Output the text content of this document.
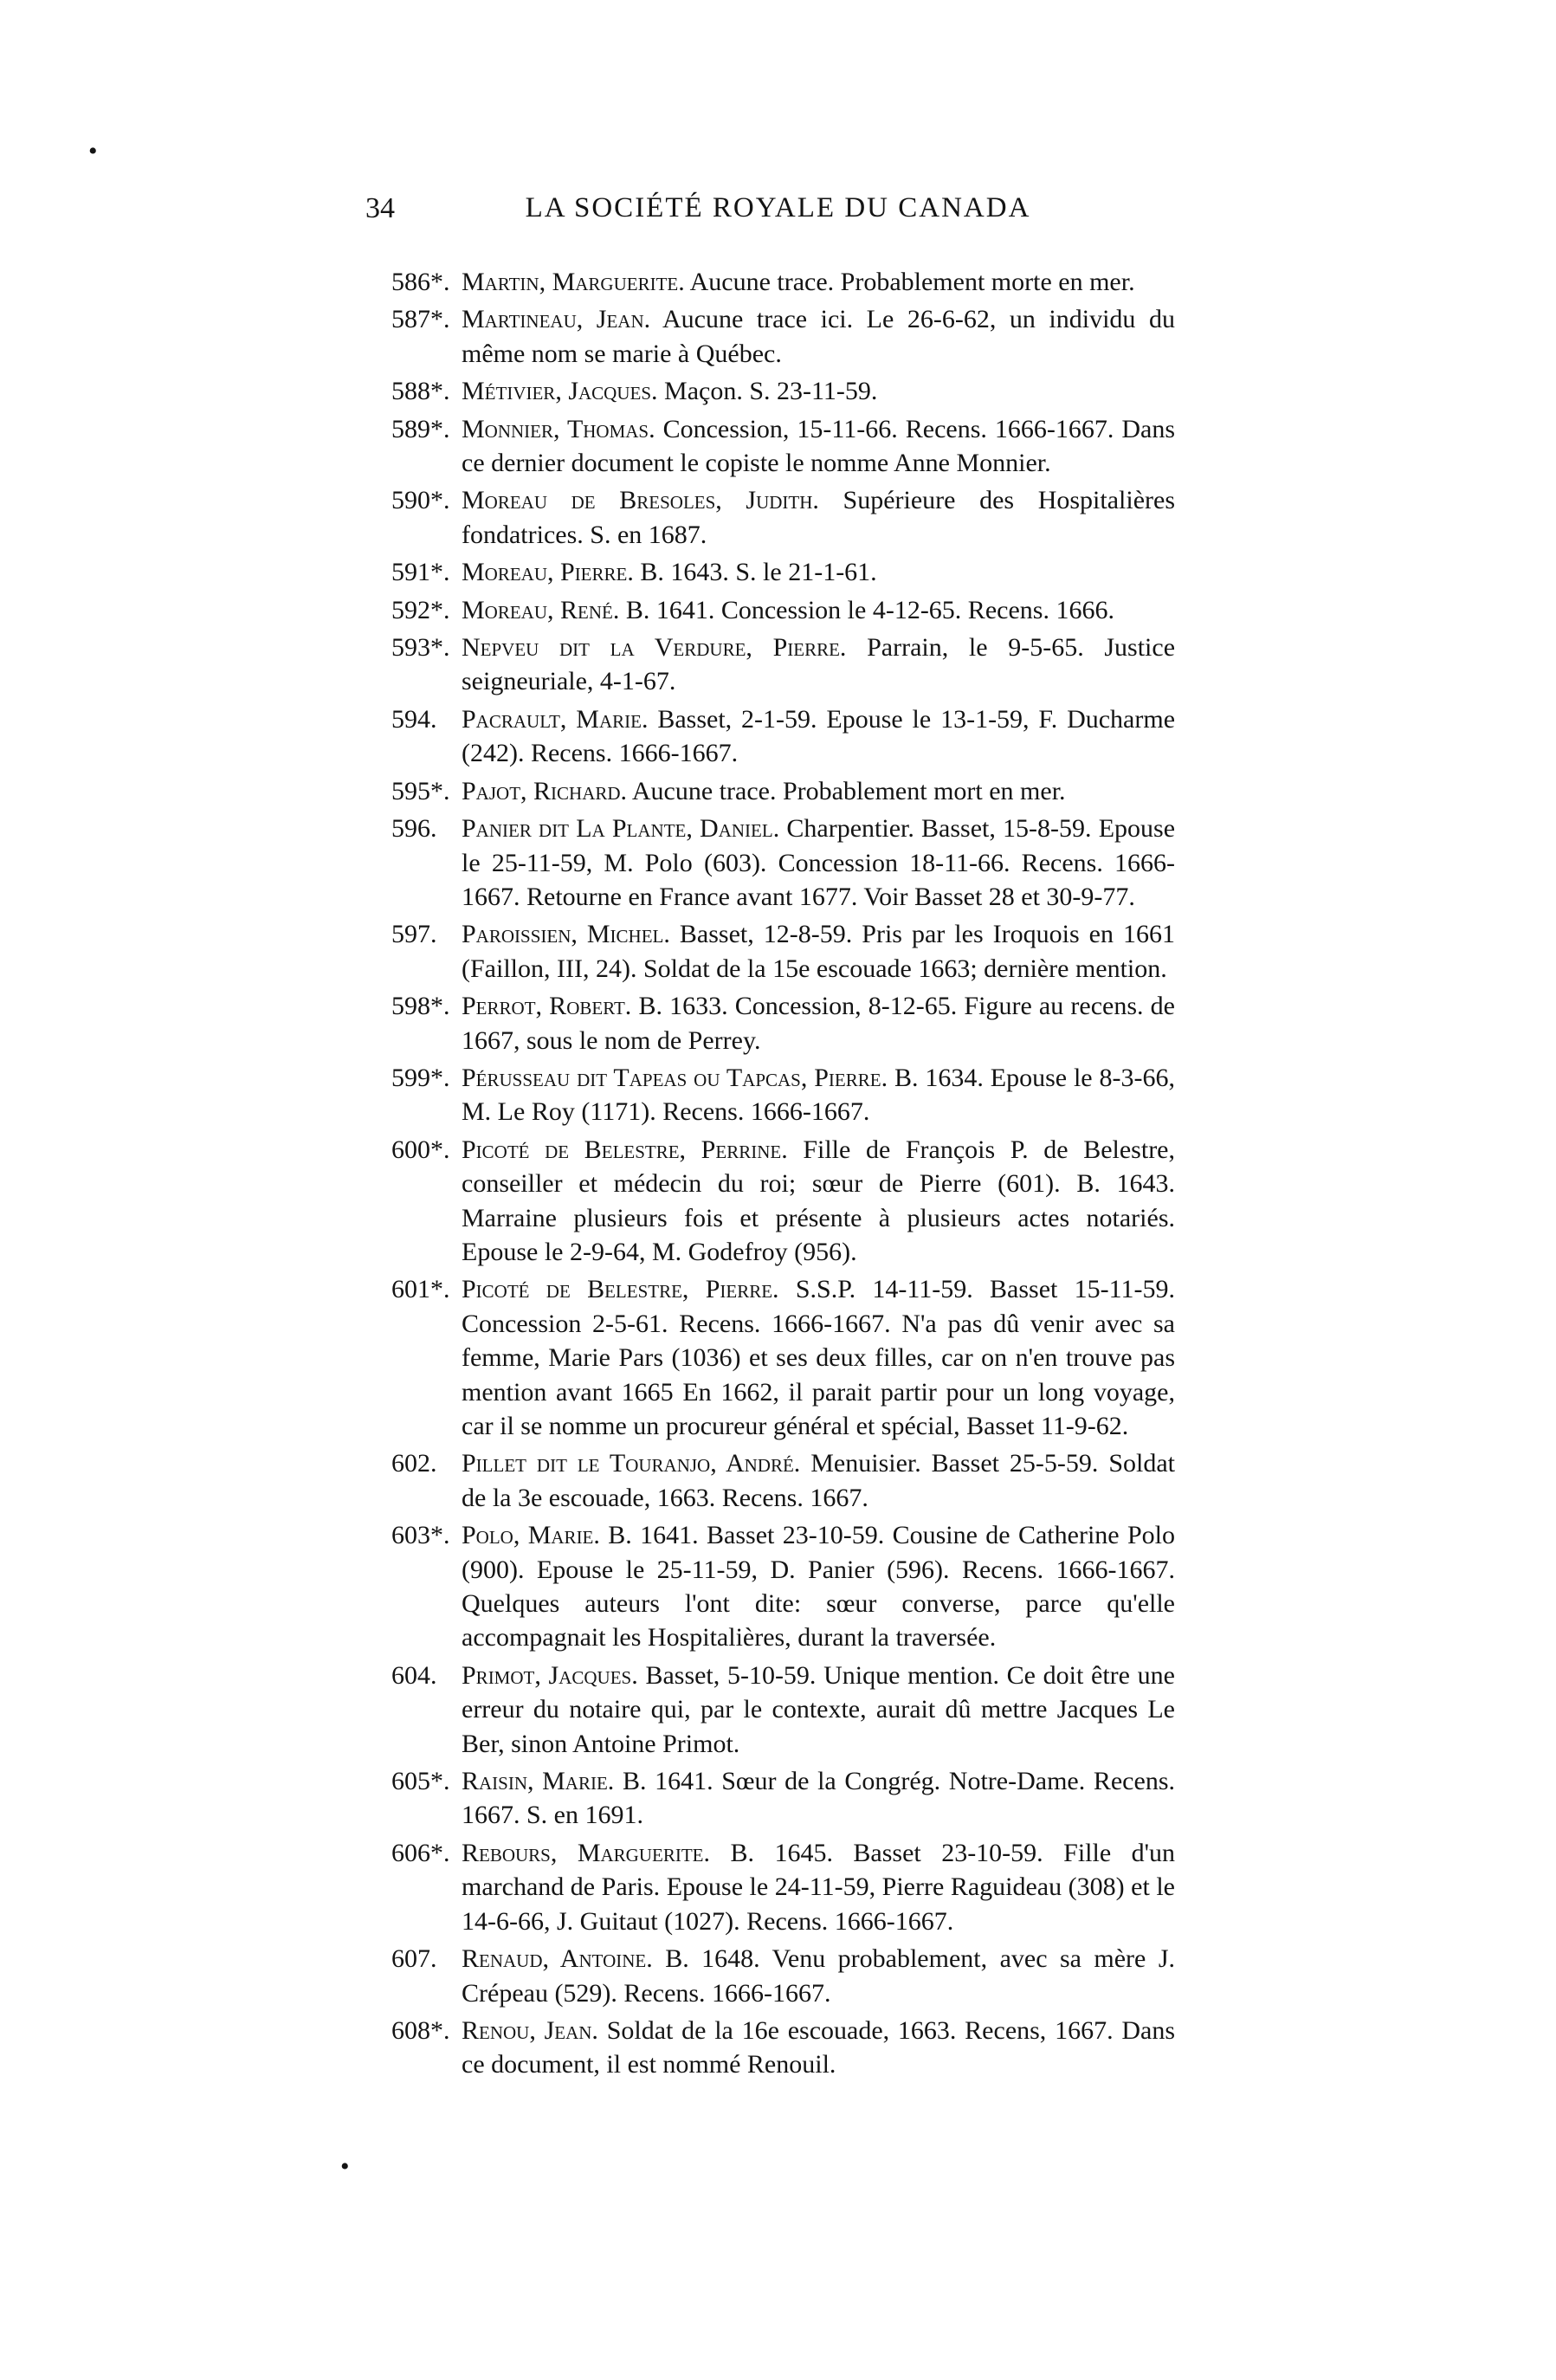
•
34	LA SOCIÉTÉ ROYALE DU CANADA
586*. Martin, Marguerite. Aucune trace. Probablement morte en mer.
587*. Martineau, Jean. Aucune trace ici. Le 26-6-62, un individu du même nom se marie à Québec.
588*. Métivier, Jacques. Maçon. S. 23-11-59.
589*. Monnier, Thomas. Concession, 15-11-66. Recens. 1666-1667. Dans ce dernier document le copiste le nomme Anne Monnier.
590*. Moreau de Bresoles, Judith. Supérieure des Hospitalières fondatrices. S. en 1687.
591*. Moreau, Pierre. B. 1643. S. le 21-1-61.
592*. Moreau, René. B. 1641. Concession le 4-12-65. Recens. 1666.
593*. Nepveu dit la Verdure, Pierre. Parrain, le 9-5-65. Justice seigneuriale, 4-1-67.
594. Pacrault, Marie. Basset, 2-1-59. Epouse le 13-1-59, F. Ducharme (242). Recens. 1666-1667.
595*. Pajot, Richard. Aucune trace. Probablement mort en mer.
596. Panier dit La Plante, Daniel. Charpentier. Basset, 15-8-59. Epouse le 25-11-59, M. Polo (603). Concession 18-11-66. Recens. 1666-1667. Retourne en France avant 1677. Voir Basset 28 et 30-9-77.
597. Paroissien, Michel. Basset, 12-8-59. Pris par les Iroquois en 1661 (Faillon, III, 24). Soldat de la 15e escouade 1663; dernière mention.
598*. Perrot, Robert. B. 1633. Concession, 8-12-65. Figure au recens. de 1667, sous le nom de Perrey.
599*. Pérusseau dit Tapeas ou Tapcas, Pierre. B. 1634. Epouse le 8-3-66, M. Le Roy (1171). Recens. 1666-1667.
600*. Picoté de Belestre, Perrine. Fille de François P. de Belestre, conseiller et médecin du roi; sœur de Pierre (601). B. 1643. Marraine plusieurs fois et présente à plusieurs actes notariés. Epouse le 2-9-64, M. Godefroy (956).
601*. Picoté de Belestre, Pierre. S.S.P. 14-11-59. Basset 15-11-59. Concession 2-5-61. Recens. 1666-1667. N'a pas dû venir avec sa femme, Marie Pars (1036) et ses deux filles, car on n'en trouve pas mention avant 1665 En 1662, il parait partir pour un long voyage, car il se nomme un procureur général et spécial, Basset 11-9-62.
602. Pillet dit le Touranjo, André. Menuisier. Basset 25-5-59. Soldat de la 3e escouade, 1663. Recens. 1667.
603*. Polo, Marie. B. 1641. Basset 23-10-59. Cousine de Catherine Polo (900). Epouse le 25-11-59, D. Panier (596). Recens. 1666-1667. Quelques auteurs l'ont dite: sœur converse, parce qu'elle accompagnait les Hospitalières, durant la traversée.
604. Primot, Jacques. Basset, 5-10-59. Unique mention. Ce doit être une erreur du notaire qui, par le contexte, aurait dû mettre Jacques Le Ber, sinon Antoine Primot.
605*. Raisin, Marie. B. 1641. Sœur de la Congrég. Notre-Dame. Recens. 1667. S. en 1691.
606*. Rebours, Marguerite. B. 1645. Basset 23-10-59. Fille d'un marchand de Paris. Epouse le 24-11-59, Pierre Raguideau (308) et le 14-6-66, J. Guitaut (1027). Recens. 1666-1667.
607. Renaud, Antoine. B. 1648. Venu probablement, avec sa mère J. Crépeau (529). Recens. 1666-1667.
608*. Renou, Jean. Soldat de la 16e escouade, 1663. Recens, 1667. Dans ce document, il est nommé Renouil.
•
